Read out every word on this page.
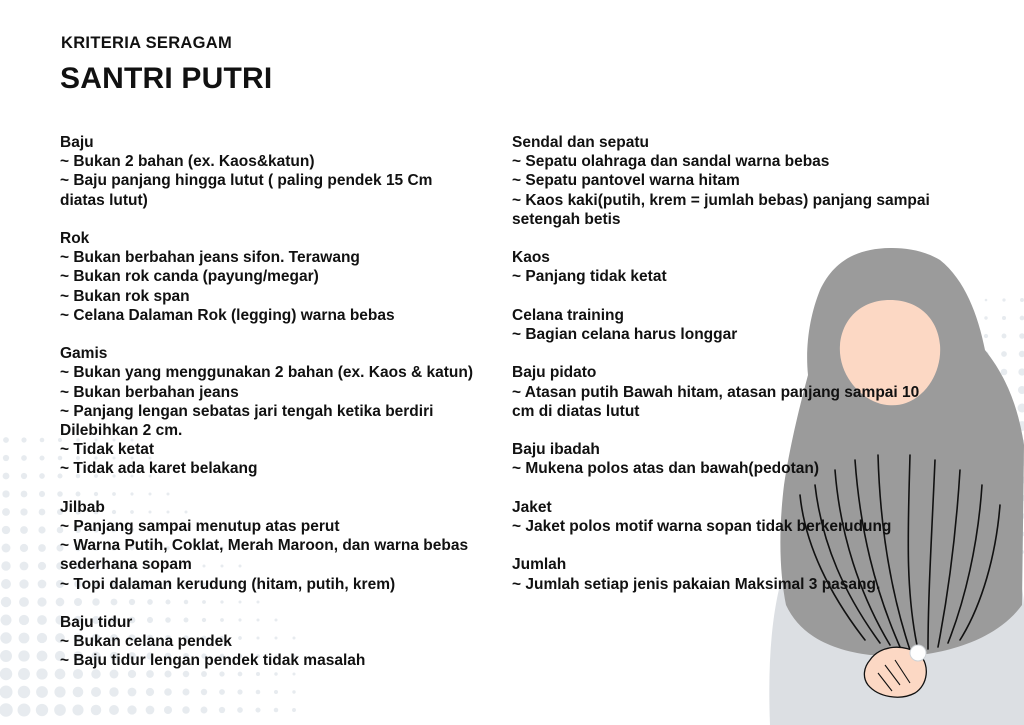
KRITERIA SERAGAM
SANTRI PUTRI
Baju
~ Bukan 2 bahan (ex. Kaos&katun)
~ Baju panjang hingga lutut ( paling pendek 15 Cm diatas lutut)
Rok
~ Bukan berbahan jeans sifon. Terawang
~ Bukan rok canda (payung/megar)
~ Bukan rok span
~ Celana Dalaman Rok (legging) warna bebas
Gamis
~ Bukan yang menggunakan 2 bahan (ex. Kaos & katun)
~ Bukan berbahan jeans
~ Panjang lengan sebatas jari tengah ketika berdiri Dilebihkan 2 cm.
~ Tidak ketat
~ Tidak ada karet belakang
Jilbab
~ Panjang sampai menutup atas perut
~ Warna Putih, Coklat, Merah Maroon, dan warna bebas sederhana sopam
~ Topi dalaman kerudung (hitam, putih, krem)
Baju tidur
~ Bukan celana pendek
~ Baju tidur lengan pendek tidak masalah
Sendal dan sepatu
~ Sepatu olahraga dan sandal warna bebas
~ Sepatu pantovel warna hitam
~ Kaos kaki(putih, krem = jumlah bebas) panjang sampai setengah betis
Kaos
~ Panjang tidak ketat
Celana training
~ Bagian celana harus longgar
Baju pidato
~ Atasan putih Bawah hitam, atasan panjang sampai 10 cm di diatas lutut
Baju ibadah
~ Mukena polos atas dan bawah(pedotan)
Jaket
~ Jaket polos motif warna sopan tidak berkerudung
Jumlah
~ Jumlah setiap jenis pakaian Maksimal 3 pasang.
